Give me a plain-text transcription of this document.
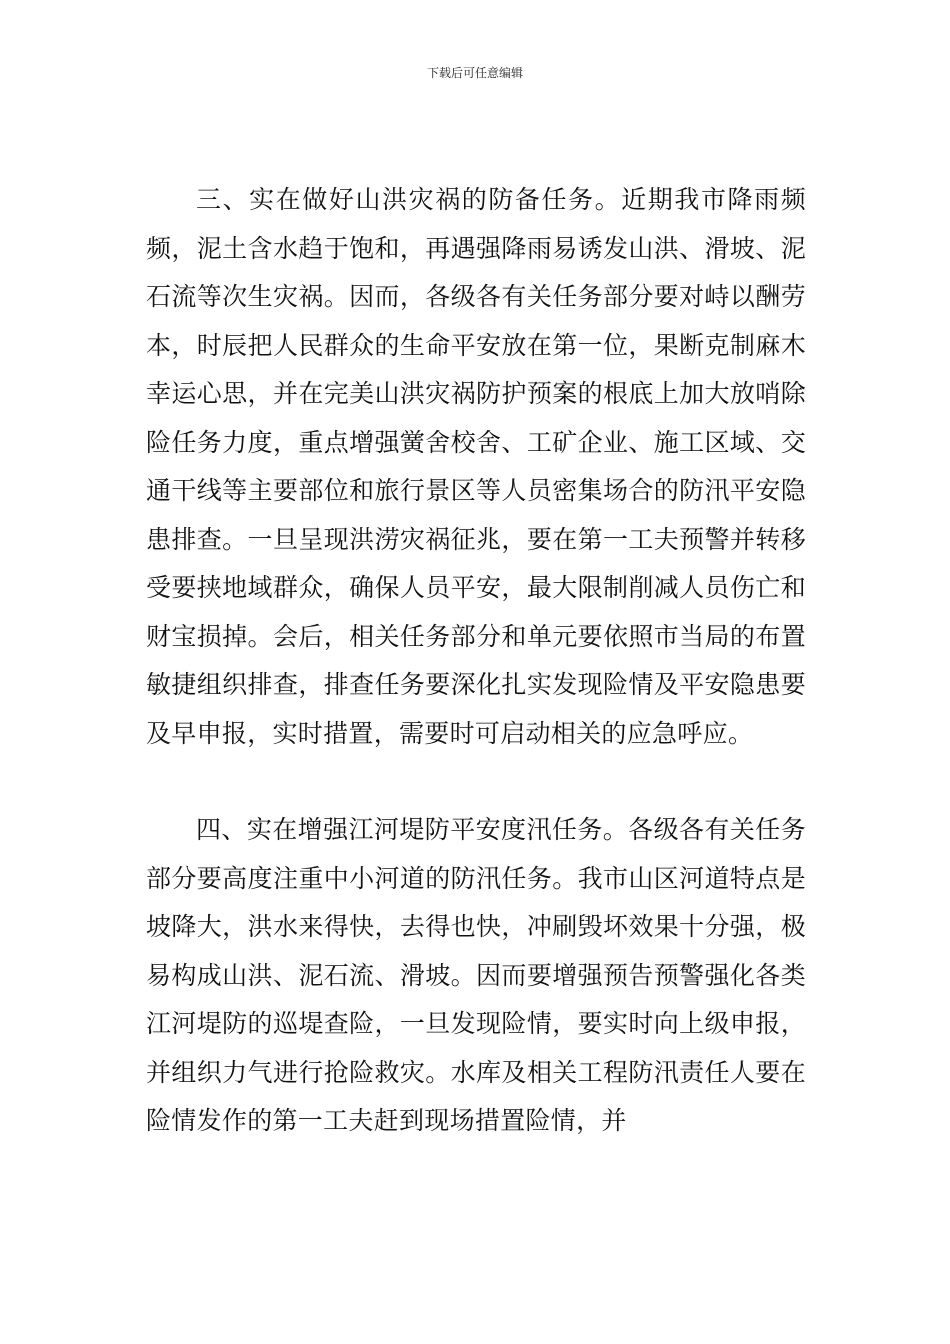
下载后可任意编辑

三、实在做好山洪灾祸的防备任务。近期我市降雨频频，泥土含水趋于饱和，再遇强降雨易诱发山洪、滑坡、泥石流等次生灾祸。因而，各级各有关任务部分要对峙以酬劳本，时辰把人民群众的生命平安放在第一位，果断克制麻木幸运心思，并在完美山洪灾祸防护预案的根底上加大放哨除险任务力度，重点增强黉舍校舍、工矿企业、施工区域、交通干线等主要部位和旅行景区等人员密集场合的防汛平安隐患排查。一旦呈现洪涝灾祸征兆，要在第一工夫预警并转移受要挟地域群众，确保人员平安，最大限制削减人员伤亡和财宝损掉。会后，相关任务部分和单元要依照市当局的布置敏捷组织排查，排查任务要深化扎实发现险情及平安隐患要及早申报，实时措置，需要时可启动相关的应急呼应。

四、实在增强江河堤防平安度汛任务。各级各有关任务部分要高度注重中小河道的防汛任务。我市山区河道特点是坡降大，洪水来得快，去得也快，冲刷毁坏效果十分强，极易构成山洪、泥石流、滑坡。因而要增强预告预警强化各类江河堤防的巡堤查险，一旦发现险情，要实时向上级申报，并组织力气进行抢险救灾。水库及相关工程防汛责任人要在险情发作的第一工夫赶到现场措置险情，并
